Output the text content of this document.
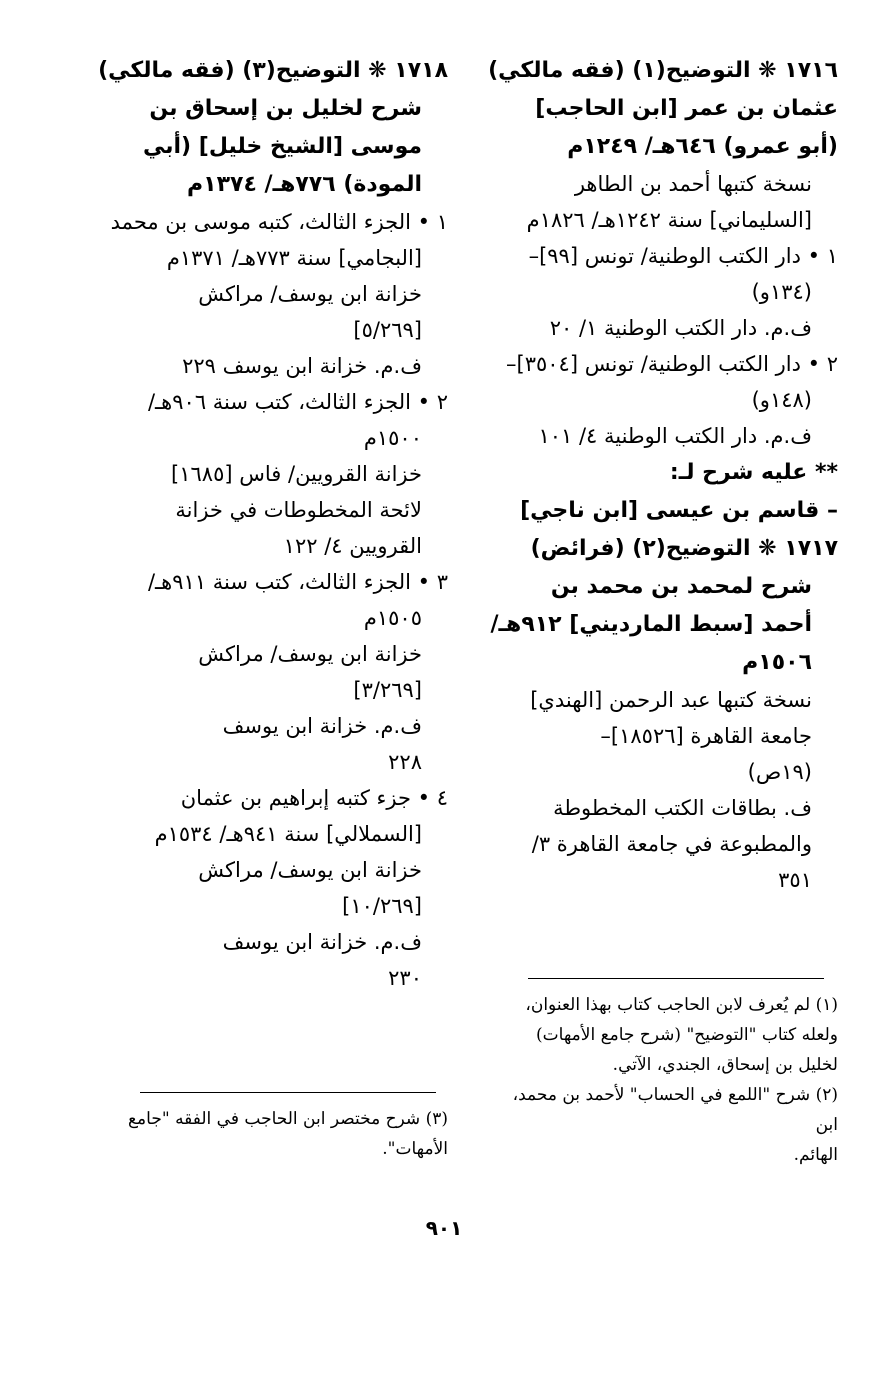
١٧١٦ ❋ التوضيح(١) (فقه مالكي)
عثمان بن عمر [ابن الحاجب]
(أبو عمرو) ٦٤٦هـ/ ١٢٤٩م
نسخة كتبها أحمد بن الطاهر
[السليماني] سنة ١٢٤٢هـ/ ١٨٢٦م
١ • دار الكتب الوطنية/ تونس [٩٩]–
(١٣٤و)
ف.م. دار الكتب الوطنية ١/ ٢٠
٢ • دار الكتب الوطنية/ تونس [٣٥٠٤]–
(١٤٨و)
ف.م. دار الكتب الوطنية ٤/ ١٠١
** عليه شرح لـ:
– قاسم بن عيسى [ابن ناجي]
١٧١٧ ❋ التوضيح(٢) (فرائض)
شرح لمحمد بن محمد بن
أحمد [سبط المارديني] ٩١٢هـ/
١٥٠٦م
نسخة كتبها عبد الرحمن [الهندي]
جامعة القاهرة [١٨٥٢٦]–
(١٩ص)
ف. بطاقات الكتب المخطوطة
والمطبوعة في جامعة القاهرة ٣/
٣٥١
١٧١٨ ❋ التوضيح(٣) (فقه مالكي)
شرح لخليل بن إسحاق بن
موسى [الشيخ خليل] (أبي
المودة) ٧٧٦هـ/ ١٣٧٤م
١ • الجزء الثالث، كتبه موسى بن محمد
[البجامي] سنة ٧٧٣هـ/ ١٣٧١م
خزانة ابن يوسف/ مراكش
[٥/٢٦٩]
ف.م. خزانة ابن يوسف ٢٢٩
٢ • الجزء الثالث، كتب سنة ٩٠٦هـ/
١٥٠٠م
خزانة القرويين/ فاس [١٦٨٥]
لائحة المخطوطات في خزانة
القرويين ٤/ ١٢٢
٣ • الجزء الثالث، كتب سنة ٩١١هـ/
١٥٠٥م
خزانة ابن يوسف/ مراكش
[٣/٢٦٩]
ف.م. خزانة ابن يوسف
٢٢٨
٤ • جزء كتبه إبراهيم بن عثمان
[السملالي] سنة ٩٤١هـ/ ١٥٣٤م
خزانة ابن يوسف/ مراكش
[١٠/٢٦٩]
ف.م. خزانة ابن يوسف
٢٣٠
(١) لم يُعرف لابن الحاجب كتاب بهذا العنوان،
ولعله كتاب "التوضيح" (شرح جامع الأمهات)
لخليل بن إسحاق، الجندي، الآتي.
(٢) شرح "اللمع في الحساب" لأحمد بن محمد، ابن
الهائم.
(٣) شرح مختصر ابن الحاجب في الفقه "جامع
الأمهات".
٩٠١
